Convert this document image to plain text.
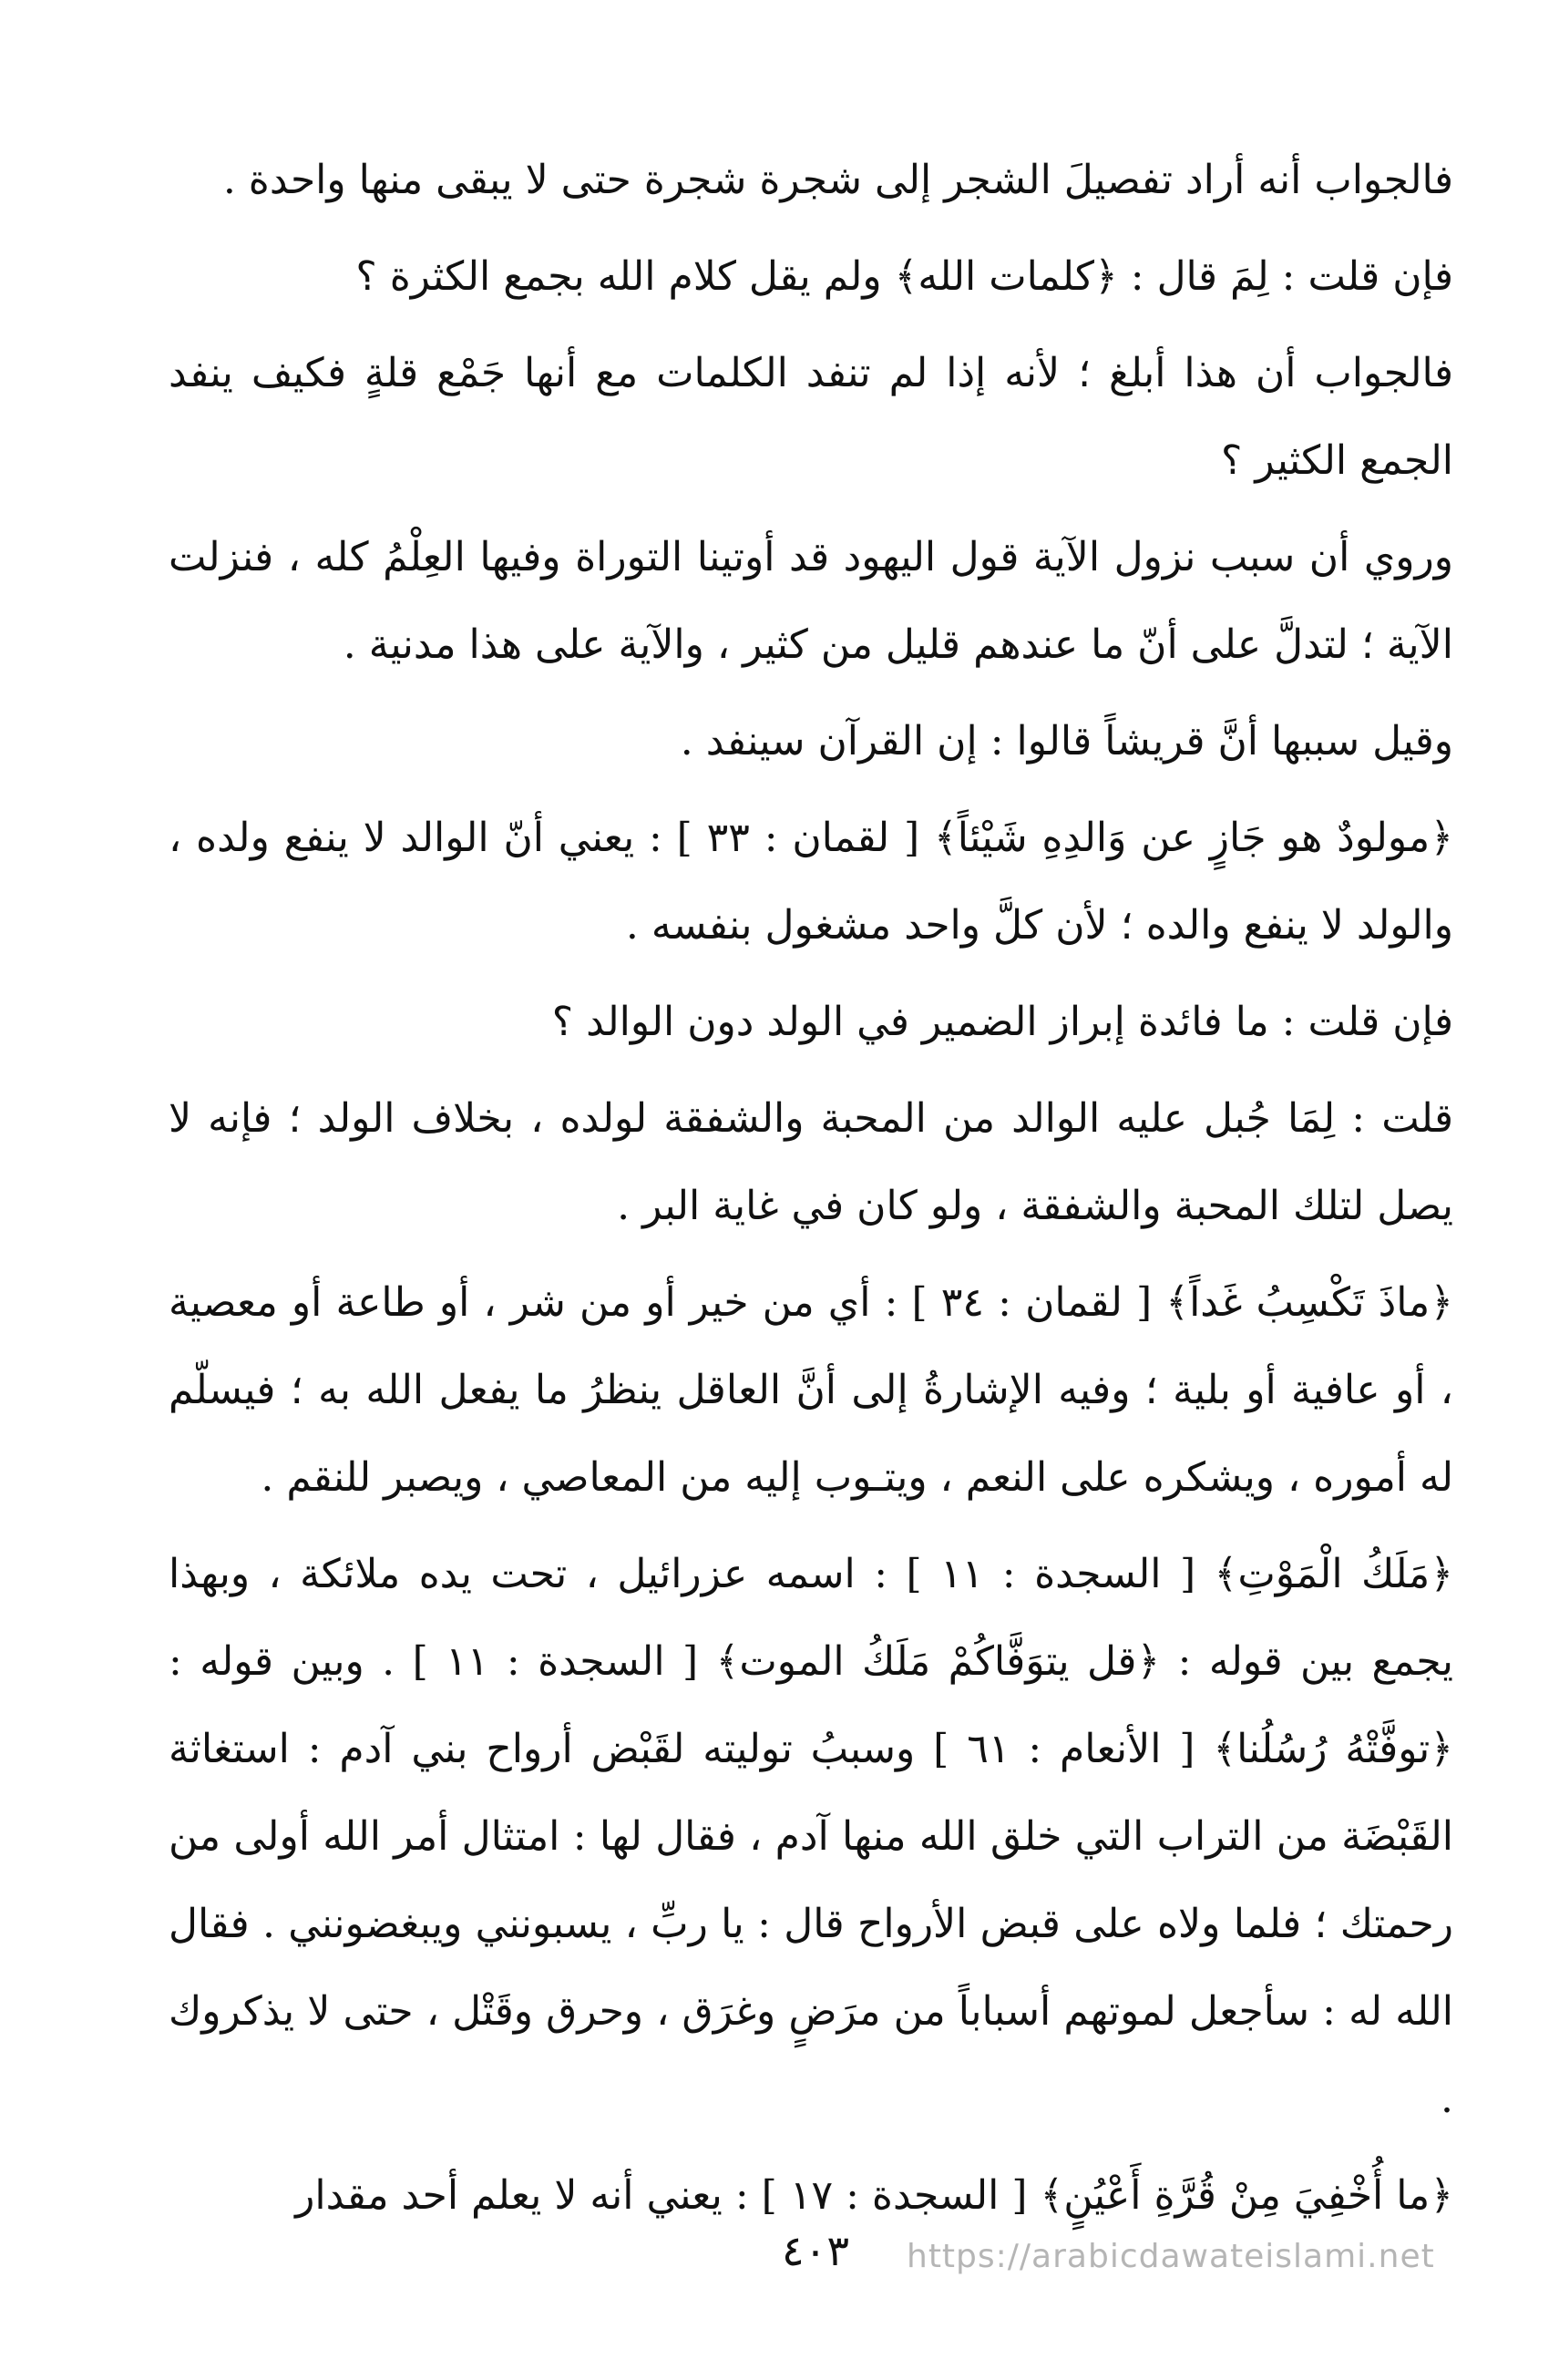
فالجواب أنه أراد تفصيلَ الشجر إلى شجرة شجرة حتى لا يبقى منها واحدة .

فإن قلت : لِمَ قال : ﴿كلمات الله﴾ ولم يقل كلام الله بجمع الكثرة ؟

فالجواب أن هذا أبلغ ؛ لأنه إذا لم تنفد الكلمات مع أنها جَمْع قلةٍ فكيف ينفد الجمع الكثير ؟

وروي أن سبب نزول الآية قول اليهود قد أوتينا التوراة وفيها العِلْمُ كله ، فنزلت الآية ؛ لتدلَّ على أنّ ما عندهم قليل من كثير ، والآية على هذا مدنية .

وقيل سببها أنَّ قريشاً قالوا : إن القرآن سينفد .

﴿مولودٌ هو جَازٍ عن وَالدِهِ شَيْئاً﴾ [ لقمان : ٣٣ ] : يعني أنّ الوالد لا ينفع ولده ، والولد لا ينفع والده ؛ لأن كلَّ واحد مشغول بنفسه .

فإن قلت : ما فائدة إبراز الضمير في الولد دون الوالد ؟

قلت : لِمَا جُبل عليه الوالد من المحبة والشفقة لولده ، بخلاف الولد ؛ فإنه لا يصل لتلك المحبة والشفقة ، ولو كان في غاية البر .

﴿ماذَ تَكْسِبُ غَداً﴾ [ لقمان : ٣٤ ] : أي من خير أو من شر ، أو طاعة أو معصية ، أو عافية أو بلية ؛ وفيه الإشارةُ إلى أنَّ العاقل ينظرُ ما يفعل الله به ؛ فيسلّم له أموره ، ويشكره على النعم ، ويتـوب إليه من المعاصي ، ويصبر للنقم .

﴿مَلَكُ الْمَوْتِ﴾ [ السجدة : ١١ ] : اسمه عزرائيل ، تحت يده ملائكة ، وبهذا يجمع بين قوله : ﴿قل يتوَفَّاكُمْ مَلَكُ الموت﴾ [ السجدة : ١١ ] . وبين قوله : ﴿توفَّتْهُ رُسُلُنا﴾ [ الأنعام : ٦١ ] وسببُ توليته لقَبْض أرواح بني آدم : استغاثة القَبْضَة من التراب التي خلق الله منها آدم ، فقال لها : امتثال أمر الله أولى من رحمتك ؛ فلما ولاه على قبض الأرواح قال : يا ربِّ ، يسبونني ويبغضونني . فقال الله له : سأجعل لموتهم أسباباً من مرَضٍ وغرَق ، وحرق وقَتْل ، حتى لا يذكروك .

﴿ما أُخْفِيَ مِنْ قُرَّةِ أَعْيُنٍ﴾ [ السجدة : ١٧ ] : يعني أنه لا يعلم أحد مقدار

٤٠٣	https://arabicdawateislami.net
